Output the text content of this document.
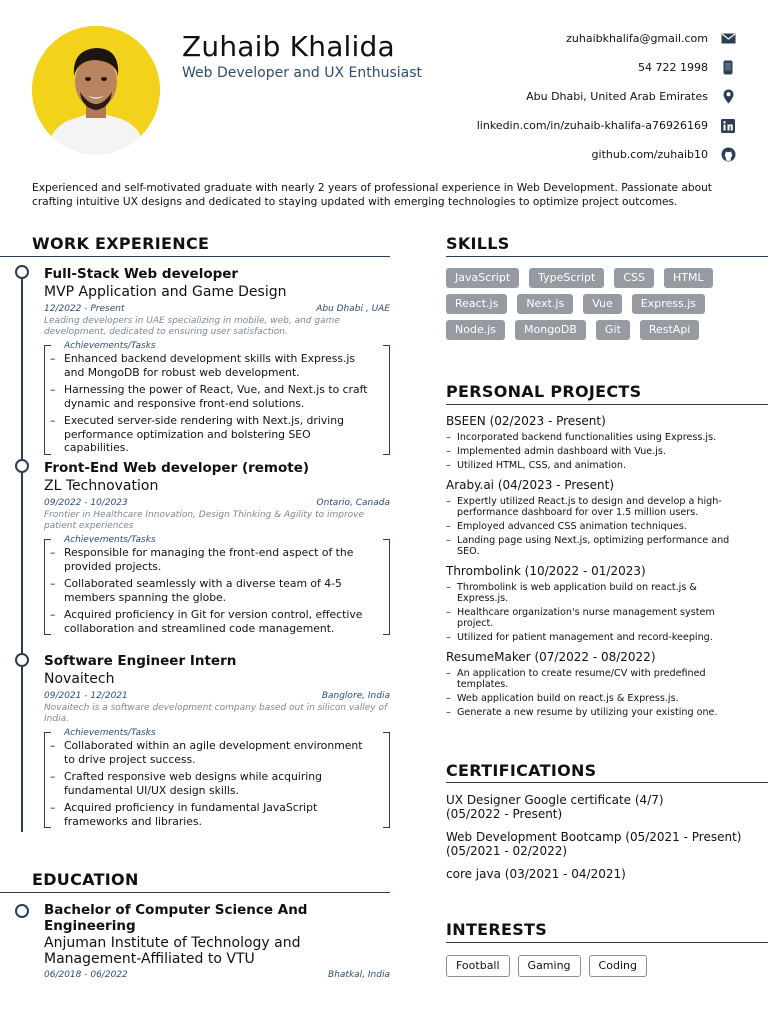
Zuhaib Khalida
Web Developer and UX Enthusiast
zuhaibkhalifa@gmail.com
54 722 1998
Abu Dhabi, United Arab Emirates
linkedin.com/in/zuhaib-khalifa-a76926169
github.com/zuhaib10
Experienced and self-motivated graduate with nearly 2 years of professional experience in Web Development. Passionate about crafting intuitive UX designs and dedicated to staying updated with emerging technologies to optimize project outcomes.
WORK EXPERIENCE
Full-Stack Web developer
MVP Application and Game Design
12/2022 - Present	Abu Dhabi , UAE
Leading developers in UAE specializing in mobile, web, and game development, dedicated to ensuring user satisfaction.
Achievements/Tasks
– Enhanced backend development skills with Express.js and MongoDB for robust web development.
– Harnessing the power of React, Vue, and Next.js to craft dynamic and responsive front-end solutions.
– Executed server-side rendering with Next.js, driving performance optimization and bolstering SEO capabilities.
Front-End Web developer (remote)
ZL Technovation
09/2022 - 10/2023	Ontario, Canada
Frontier in Healthcare Innovation, Design Thinking & Agility to improve patient experiences
Achievements/Tasks
– Responsible for managing the front-end aspect of the provided projects.
– Collaborated seamlessly with a diverse team of 4-5 members spanning the globe.
– Acquired proficiency in Git for version control, effective collaboration and streamlined code management.
Software Engineer Intern
Novaitech
09/2021 - 12/2021	Banglore, India
Novaitech is a software development company based out in silicon valley of India.
Achievements/Tasks
– Collaborated within an agile development environment to drive project success.
– Crafted responsive web designs while acquiring fundamental UI/UX design skills.
– Acquired proficiency in fundamental JavaScript frameworks and libraries.
EDUCATION
Bachelor of Computer Science And Engineering
Anjuman Institute of Technology and Management-Affiliated to VTU
06/2018 - 06/2022	Bhatkal, India
SKILLS
JavaScript	TypeScript	CSS	HTML
React.js	Next.js	Vue	Express.js
Node.js	MongoDB	Git	RestApi
PERSONAL PROJECTS
BSEEN (02/2023 - Present)
– Incorporated backend functionalities using Express.js.
– Implemented admin dashboard with Vue.js.
– Utilized HTML, CSS, and animation.
Araby.ai (04/2023 - Present)
– Expertly utilized React.js to design and develop a high-performance dashboard for over 1.5 million users.
– Employed advanced CSS animation techniques.
– Landing page using Next.js, optimizing performance and SEO.
Thrombolink (10/2022 - 01/2023)
– Thrombolink is web application build on react.js & Express.js.
– Healthcare organization's nurse management system project.
– Utilized for patient management and record-keeping.
ResumeMaker (07/2022 - 08/2022)
– An application to create resume/CV with predefined templates.
– Web application build on react.js & Express.js.
– Generate a new resume by utilizing your existing one.
CERTIFICATIONS
UX Designer Google certificate (4/7)
(05/2022 - Present)
Web Development Bootcamp (05/2021 - Present)
(05/2021 - 02/2022)
core java (03/2021 - 04/2021)
INTERESTS
Football	Gaming	Coding
